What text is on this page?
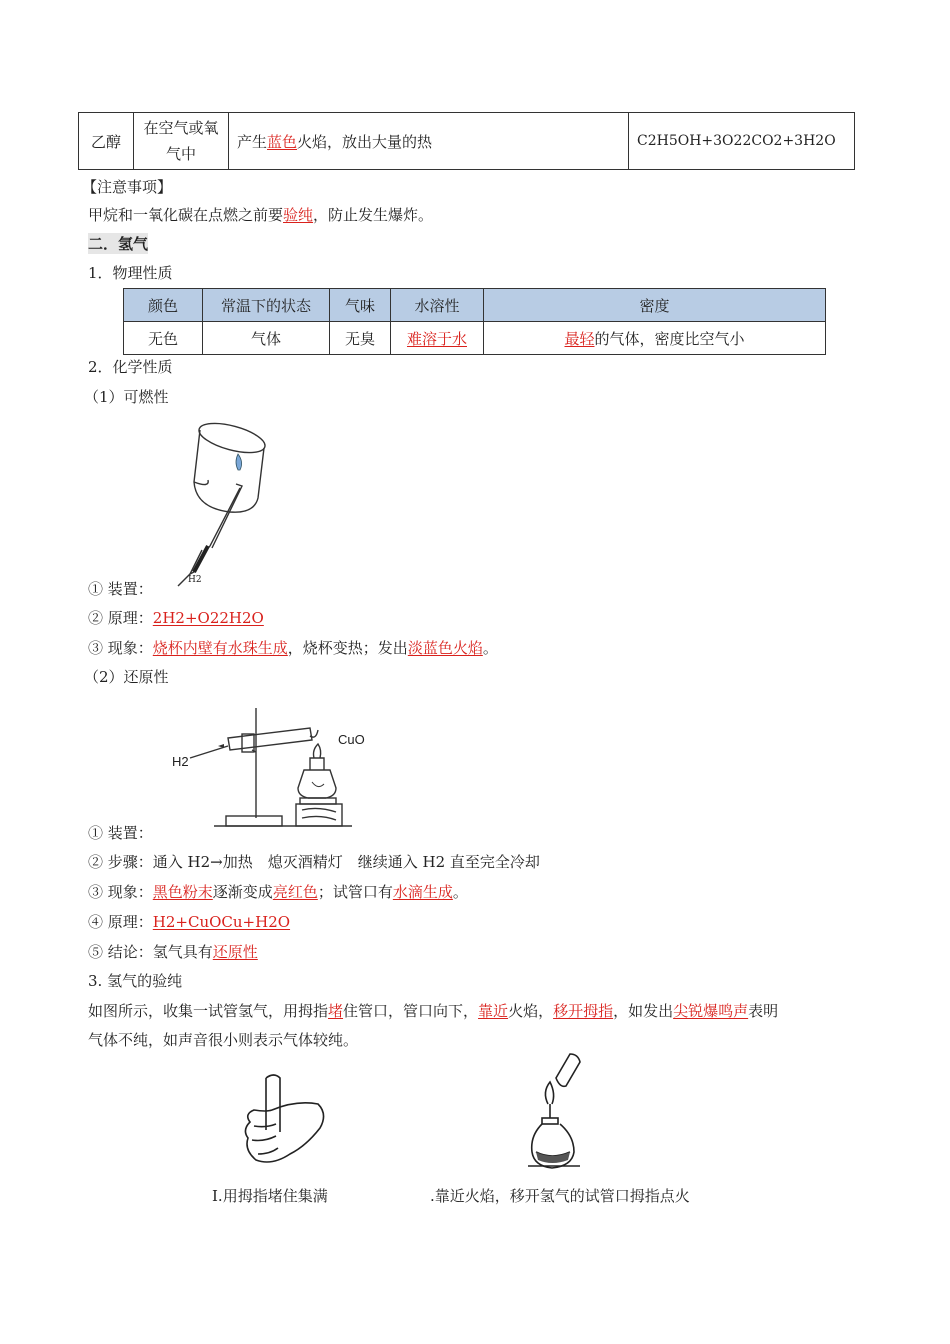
乙醇	在空气或氧气中	产生蓝色火焰，放出大量的热	C2H5OH+3O22CO2+3H2O
【注意事项】
甲烷和一氧化碳在点燃之前要验纯，防止发生爆炸。
二．氢气
1．物理性质
颜色	常温下的状态	气味	水溶性	密度
无色	气体	无臭	难溶于水	最轻的气体，密度比空气小
2．化学性质
（1）可燃性
H2
① 装置：
② 原理：2H2+O22H2O
③ 现象：烧杯内壁有水珠生成，烧杯变热；发出淡蓝色火焰。
（2）还原性
H2
CuO
① 装置：
② 步骤：通入 H2→加热　熄灭酒精灯　继续通入 H2 直至完全冷却
③ 现象：黑色粉末逐渐变成亮红色；试管口有水滴生成。
④ 原理：H2+CuOCu+H2O
⑤ 结论：氢气具有还原性
3. 氢气的验纯
如图所示，收集一试管氢气，用拇指堵住管口，管口向下，靠近火焰，移开拇指，如发出尖锐爆鸣声表明
气体不纯，如声音很小则表示气体较纯。
I.用拇指堵住集满	.靠近火焰，移开氢气的试管口拇指点火
